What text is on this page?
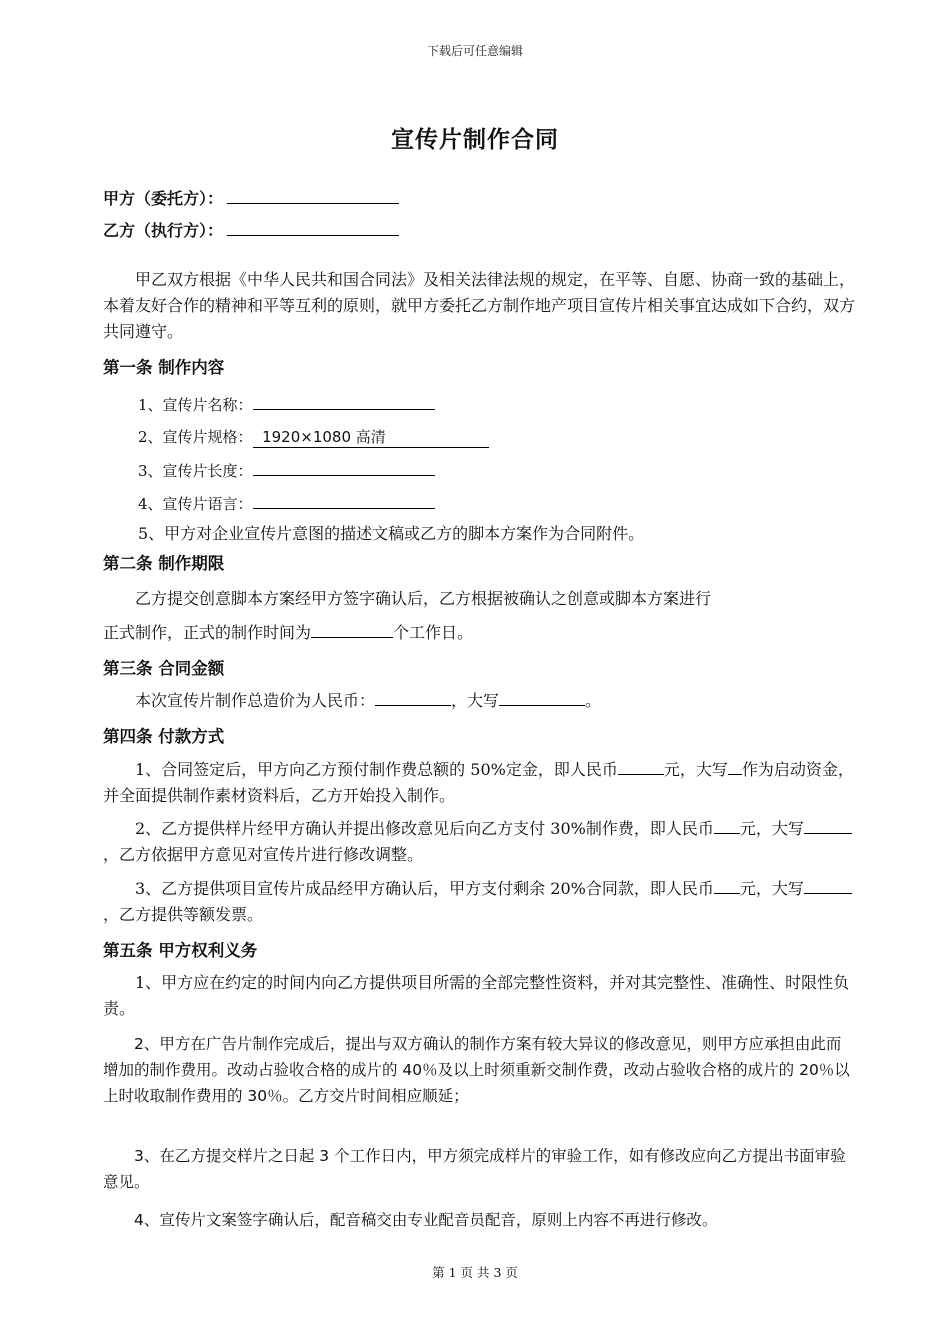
下载后可任意编辑
宣传片制作合同
甲方（委托方）：
乙方（执行方）：

甲乙双方根据《中华人民共和国合同法》及相关法律法规的规定，在平等、自愿、协商一致的基础上，本着友好合作的精神和平等互利的原则，就甲方委托乙方制作地产项目宣传片相关事宜达成如下合约，双方共同遵守。

第一条 制作内容
1、宣传片名称：
2、宣传片规格： 1920×1080 高清
3、宣传片长度：
4、宣传片语言：
5、甲方对企业宣传片意图的描述文稿或乙方的脚本方案作为合同附件。
第二条 制作期限

乙方提交创意脚本方案经甲方签字确认后，乙方根据被确认之创意或脚本方案进行

正式制作，正式的制作时间为	个工作日。

第三条 合同金额

本次宣传片制作总造价为人民币：	，大写	。

第四条 付款方式

1、合同签定后，甲方向乙方预付制作费总额的 50%定金，即人民币	元，大写 作为启动资金，并全面提供制作素材资料后，乙方开始投入制作。

2、乙方提供样片经甲方确认并提出修改意见后向乙方支付 30%制作费，即人民币 元，大写，乙方依据甲方意见对宣传片进行修改调整。

3、乙方提供项目宣传片成品经甲方确认后，甲方支付剩余 20%合同款，即人民币 元，大写，乙方提供等额发票。

第五条 甲方权利义务

1、甲方应在约定的时间内向乙方提供项目所需的全部完整性资料，并对其完整性、准确性、时限性负责。

2、甲方在广告片制作完成后，提出与双方确认的制作方案有较大异议的修改意见，则甲方应承担由此而增加的制作费用。改动占验收合格的成片的 40％及以上时须重新交制作费，改动占验收合格的成片的 20％以上时收取制作费用的 30％。乙方交片时间相应顺延；

3、在乙方提交样片之日起 3 个工作日内，甲方须完成样片的审验工作，如有修改应向乙方提出书面审验意见。

4、宣传片文案签字确认后，配音稿交由专业配音员配音，原则上内容不再进行修改。

第 1 页 共 3 页
